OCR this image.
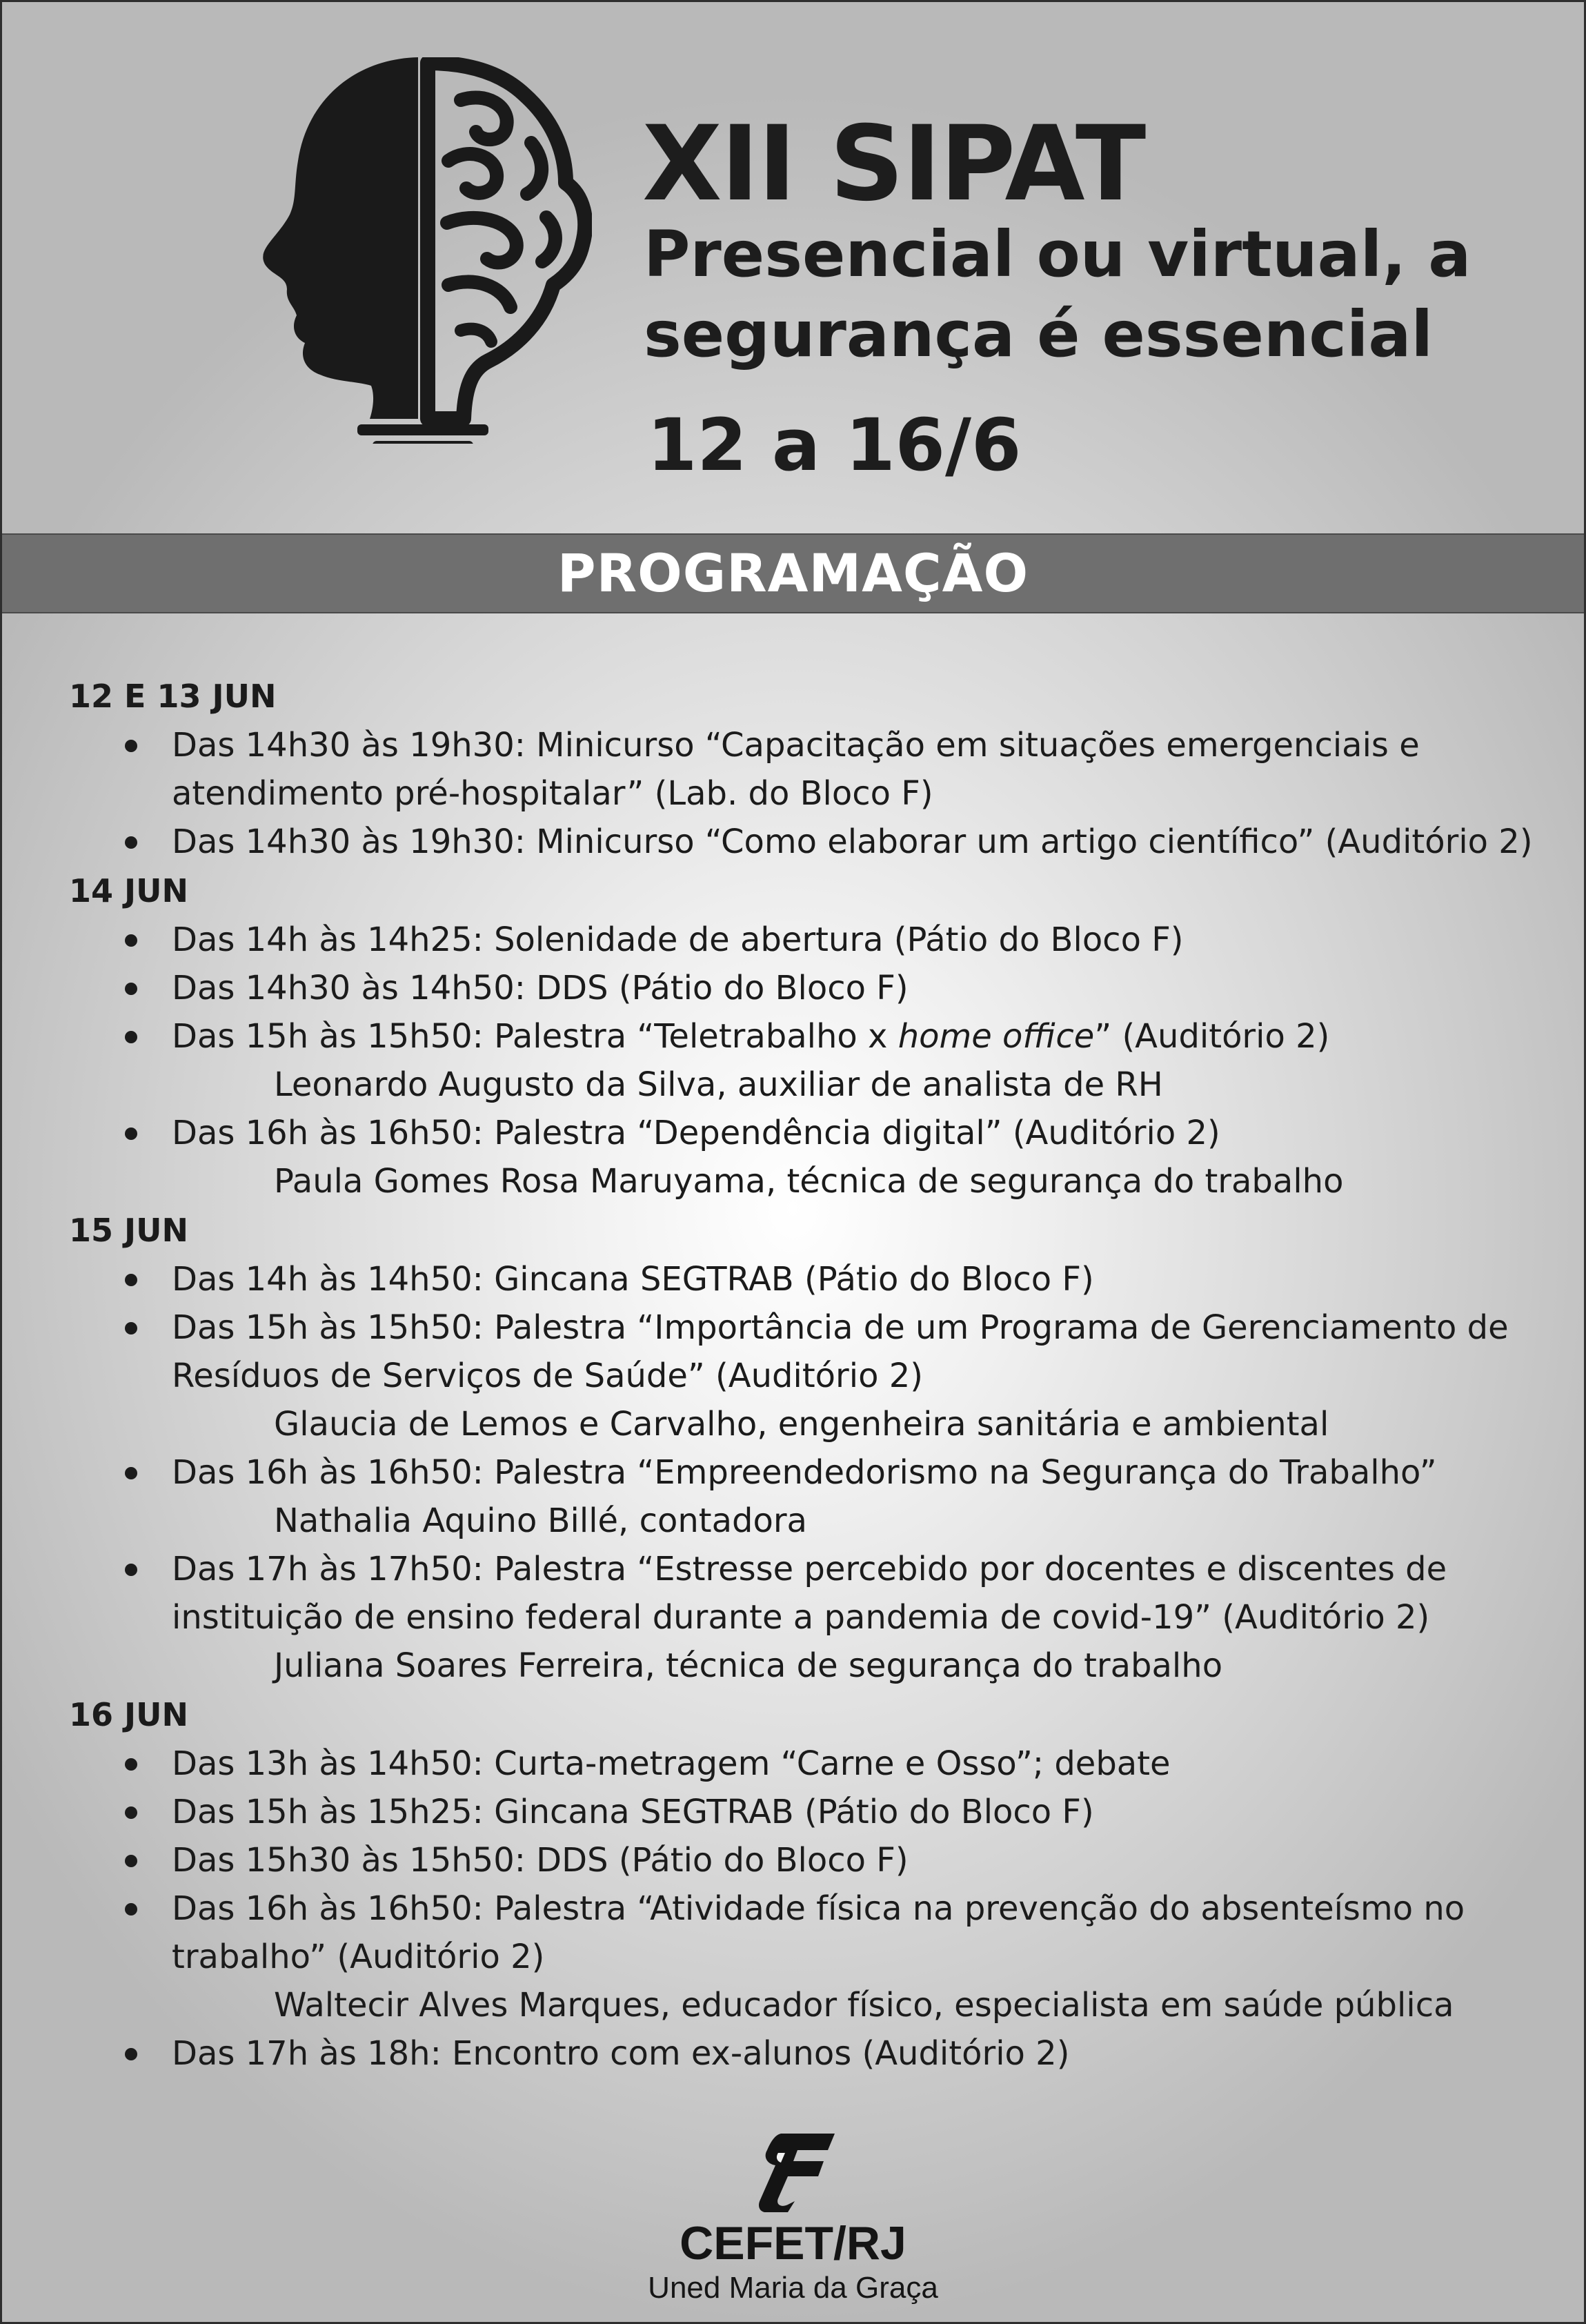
XII SIPAT
Presencial ou virtual, a
segurança é essencial
12 a 16/6
PROGRAMAÇÃO
12 E 13 JUN
Das 14h30 às 19h30: Minicurso “Capacitação em situações emergenciais e
atendimento pré-hospitalar” (Lab. do Bloco F)
Das 14h30 às 19h30: Minicurso “Como elaborar um artigo científico” (Auditório 2)
14 JUN
Das 14h às 14h25: Solenidade de abertura (Pátio do Bloco F)
Das 14h30 às 14h50: DDS (Pátio do Bloco F)
Das 15h às 15h50: Palestra “Teletrabalho x home office” (Auditório 2)
Leonardo Augusto da Silva, auxiliar de analista de RH
Das 16h às 16h50: Palestra “Dependência digital” (Auditório 2)
Paula Gomes Rosa Maruyama, técnica de segurança do trabalho
15 JUN
Das 14h às 14h50: Gincana SEGTRAB (Pátio do Bloco F)
Das 15h às 15h50: Palestra “Importância de um Programa de Gerenciamento de
Resíduos de Serviços de Saúde” (Auditório 2)
Glaucia de Lemos e Carvalho, engenheira sanitária e ambiental
Das 16h às 16h50: Palestra “Empreendedorismo na Segurança do Trabalho”
Nathalia Aquino Billé, contadora
Das 17h às 17h50: Palestra “Estresse percebido por docentes e discentes de
instituição de ensino federal durante a pandemia de covid-19” (Auditório 2)
Juliana Soares Ferreira, técnica de segurança do trabalho
16 JUN
Das 13h às 14h50: Curta-metragem “Carne e Osso”; debate
Das 15h às 15h25: Gincana SEGTRAB (Pátio do Bloco F)
Das 15h30 às 15h50: DDS (Pátio do Bloco F)
Das 16h às 16h50: Palestra “Atividade física na prevenção do absenteísmo no
trabalho” (Auditório 2)
Waltecir Alves Marques, educador físico, especialista em saúde pública
Das 17h às 18h: Encontro com ex-alunos (Auditório 2)
CEFET/RJ
Uned Maria da Graça
